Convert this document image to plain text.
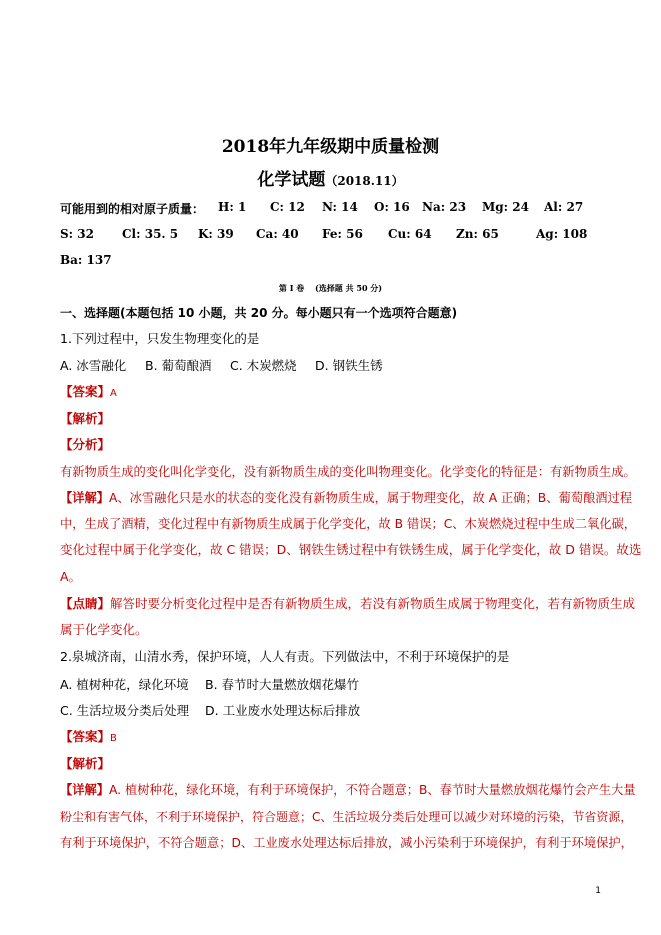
2018年九年级期中质量检测
化学试题（2018.11）
可能用到的相对原子质量： H: 1 C: 12 N: 14 O: 16 Na: 23 Mg: 24 Al: 27
S: 32 Cl: 35. 5 K: 39 Ca: 40 Fe: 56 Cu: 64 Zn: 65	Ag: 108
Ba: 137
第 I 卷　 (选择题 共 50 分)
一、选择题(本题包括 10 小题，共 20 分。每小题只有一个选项符合题意)
1.下列过程中，只发生物理变化的是
A. 冰雪融化 B. 葡萄酿酒 C. 木炭燃烧 D. 钢铁生锈
【答案】A
【解析】
【分析】
有新物质生成的变化叫化学变化，没有新物质生成的变化叫物理变化。化学变化的特征是：有新物质生成。
【详解】A、冰雪融化只是水的状态的变化没有新物质生成，属于物理变化，故 A 正确；B、葡萄酿酒过程
中，生成了酒精，变化过程中有新物质生成属于化学变化，故 B 错误；C、木炭燃烧过程中生成二氧化碳，
变化过程中属于化学变化，故 C 错误；D、钢铁生锈过程中有铁锈生成，属于化学变化，故 D 错误。故选
A。
【点睛】解答时要分析变化过程中是否有新物质生成，若没有新物质生成属于物理变化，若有新物质生成
属于化学变化。
2.泉城济南，山清水秀，保护环境，人人有责。下列做法中，不利于环境保护的是
A. 植树种花，绿化环境 B. 春节时大量燃放烟花爆竹
C. 生活垃圾分类后处理 D. 工业废水处理达标后排放
【答案】B
【解析】
【详解】A. 植树种花，绿化环境，有利于环境保护，不符合题意；B、春节时大量燃放烟花爆竹会产生大量
粉尘和有害气体，不利于环境保护，符合题意；C、生活垃圾分类后处理可以减少对环境的污染，节省资源，
有利于环境保护，不符合题意；D、工业废水处理达标后排放，减小污染利于环境保护，有利于环境保护，
1
